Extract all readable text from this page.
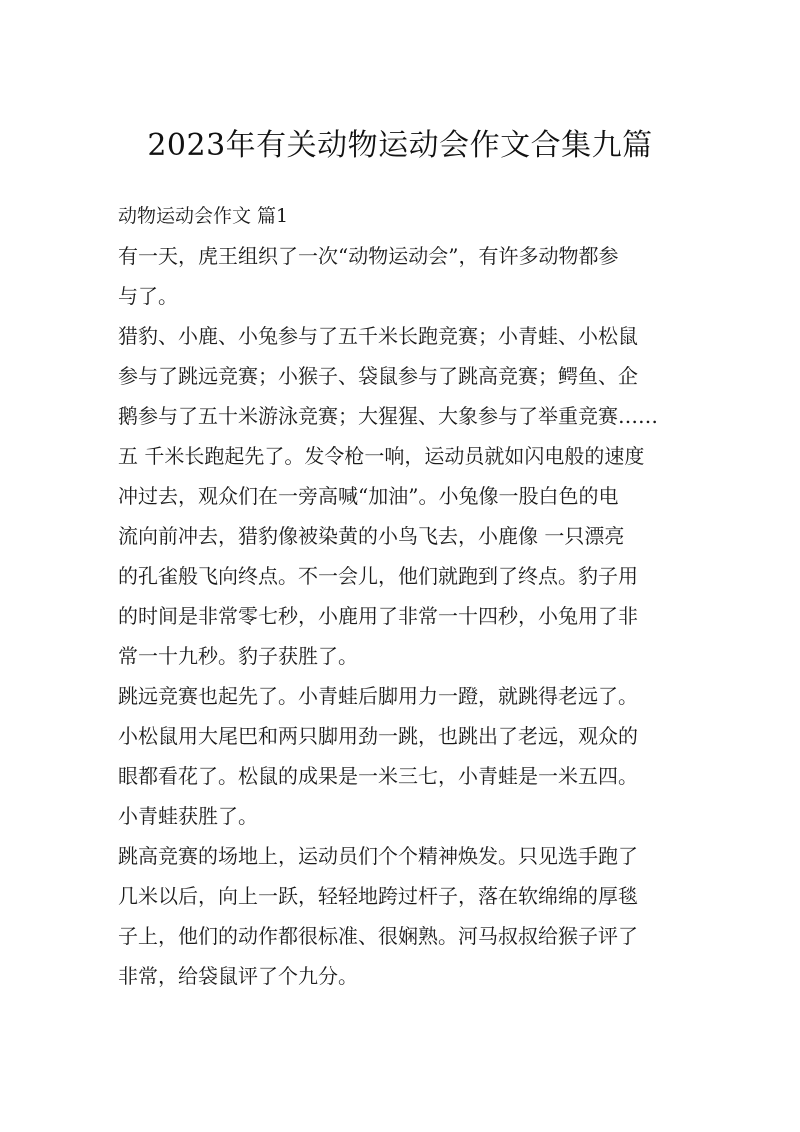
2023年有关动物运动会作文合集九篇
动物运动会作文 篇1

有一天，虎王组织了一次“动物运动会”，有许多动物都参
与了。

猎豹、小鹿、小兔参与了五千米长跑竞赛；小青蛙、小松鼠
参与了跳远竞赛；小猴子、袋鼠参与了跳高竞赛；鳄鱼、企
鹅参与了五十米游泳竞赛；大猩猩、大象参与了举重竞赛……
五 千米长跑起先了。发令枪一响，运动员就如闪电般的速度
冲过去，观众们在一旁高喊“加油”。小兔像一股白色的电
流向前冲去，猎豹像被染黄的小鸟飞去，小鹿像 一只漂亮
的孔雀般飞向终点。不一会儿，他们就跑到了终点。豹子用
的时间是非常零七秒，小鹿用了非常一十四秒，小兔用了非
常一十九秒。豹子获胜了。

跳远竞赛也起先了。小青蛙后脚用力一蹬，就跳得老远了。
小松鼠用大尾巴和两只脚用劲一跳，也跳出了老远，观众的
眼都看花了。松鼠的成果是一米三七，小青蛙是一米五四。
小青蛙获胜了。

跳高竞赛的场地上，运动员们个个精神焕发。只见选手跑了
几米以后，向上一跃，轻轻地跨过杆子，落在软绵绵的厚毯
子上，他们的动作都很标准、很娴熟。河马叔叔给猴子评了
非常，给袋鼠评了个九分。
